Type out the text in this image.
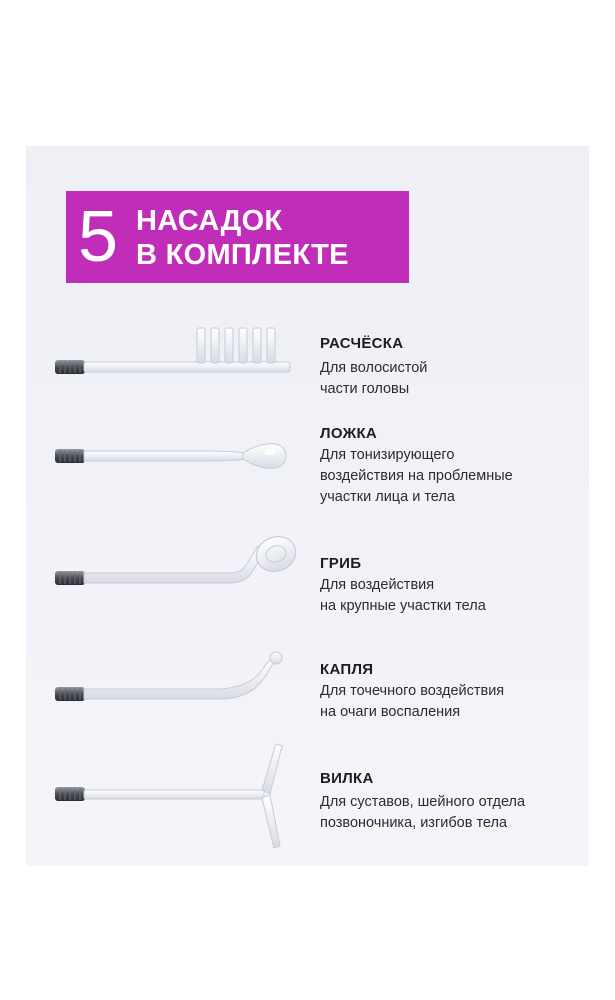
5 НАСАДОК
В КОМПЛЕКТЕ
РАСЧЁСКА
Для волосистой
части головы
ЛОЖКА
Для тонизирующего
воздействия на проблемные
участки лица и тела
ГРИБ
Для воздействия
на крупные участки тела
КАПЛЯ
Для точечного воздействия
на очаги воспаления
ВИЛКА
Для суставов, шейного отдела
позвоночника, изгибов тела
